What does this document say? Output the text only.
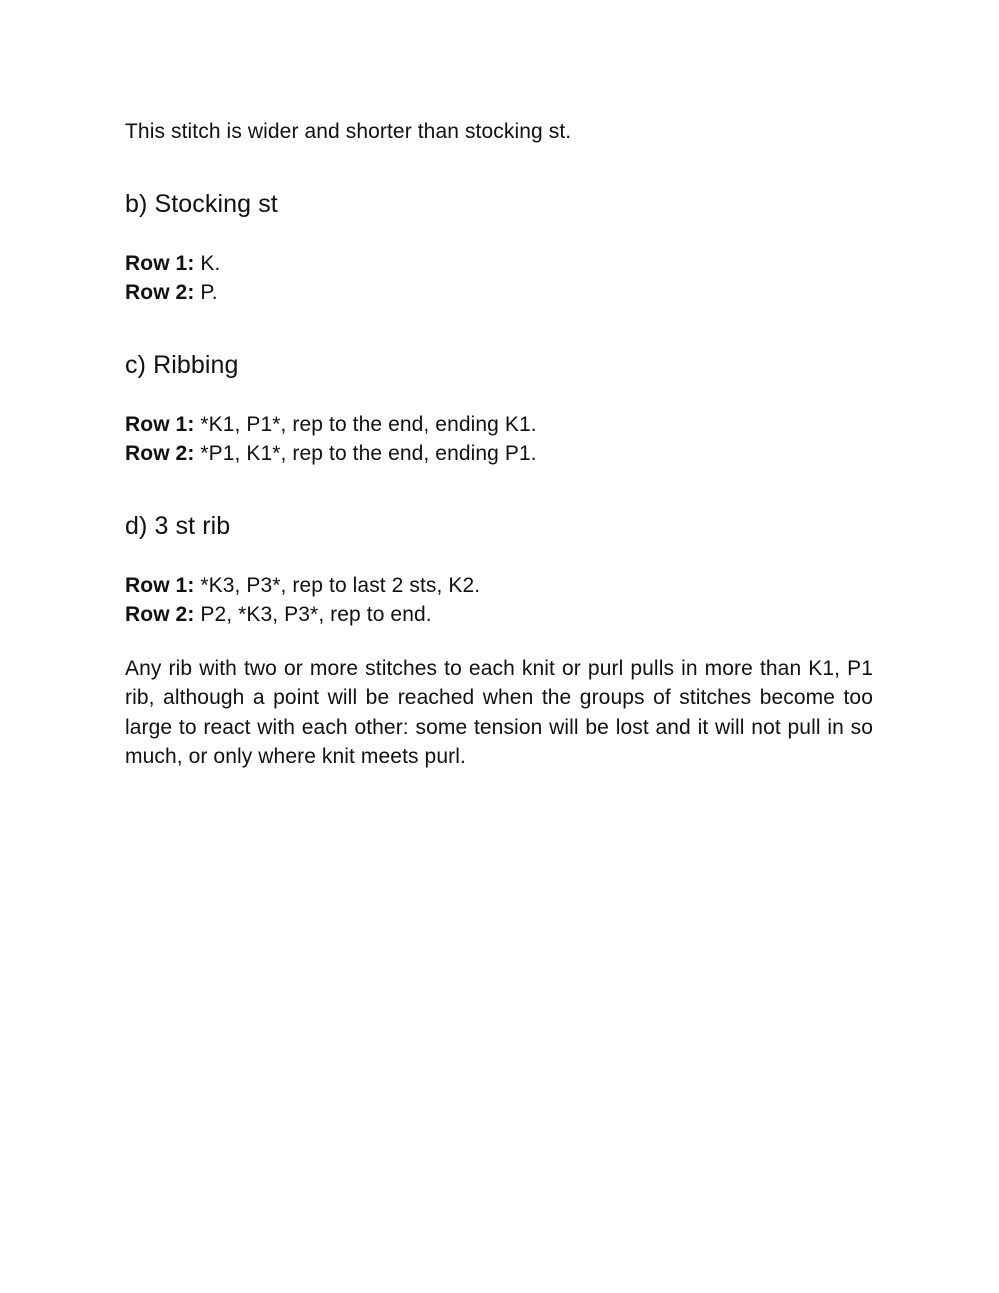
This stitch is wider and shorter than stocking st.

b) Stocking st

Row 1: K.

Row 2: P.

c) Ribbing

Row 1: *K1, P1*, rep to the end, ending K1.

Row 2: *P1, K1*, rep to the end, ending P1.

d) 3 st rib

Row 1: *K3, P3*, rep to last 2 sts, K2.

Row 2: P2, *K3, P3*, rep to end.

Any rib with two or more stitches to each knit or purl pulls in more than K1, P1 rib, although a point will be reached when the groups of stitches become too large to react with each other: some tension will be lost and it will not pull in so much, or only where knit meets purl.
